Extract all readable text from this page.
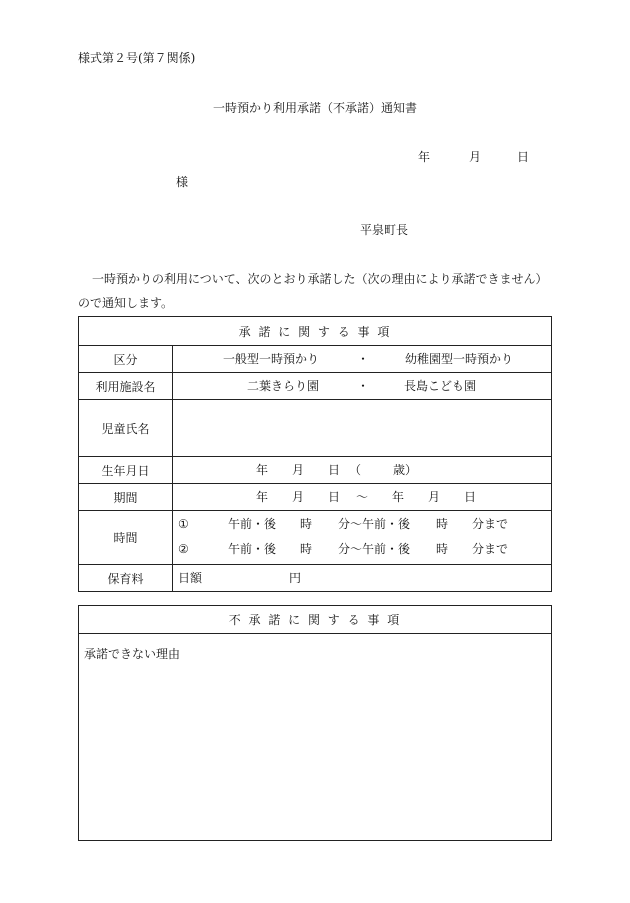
様式第２号(第７関係)
一時預かり利用承諾（不承諾）通知書
年	月	日
様
平泉町長
一時預かりの利用について、次のとおり承諾した（次の理由により承諾できません）
ので通知します。
承 諾 に 関 す る 事 項
区分	一般型一時預かり	・	幼稚園型一時預かり
利用施設名	二葉きらり園	・	長島こども園
児童氏名
生年月日	年 月 日 （	歳）
期間	年 月 日 ～ 年 月 日
時間
①	午前・後 時 分～午前・後 時 分まで
②	午前・後 時 分～午前・後 時 分まで
保育料	日額	円
不 承 諾 に 関 す る 事 項
承諾できない理由
